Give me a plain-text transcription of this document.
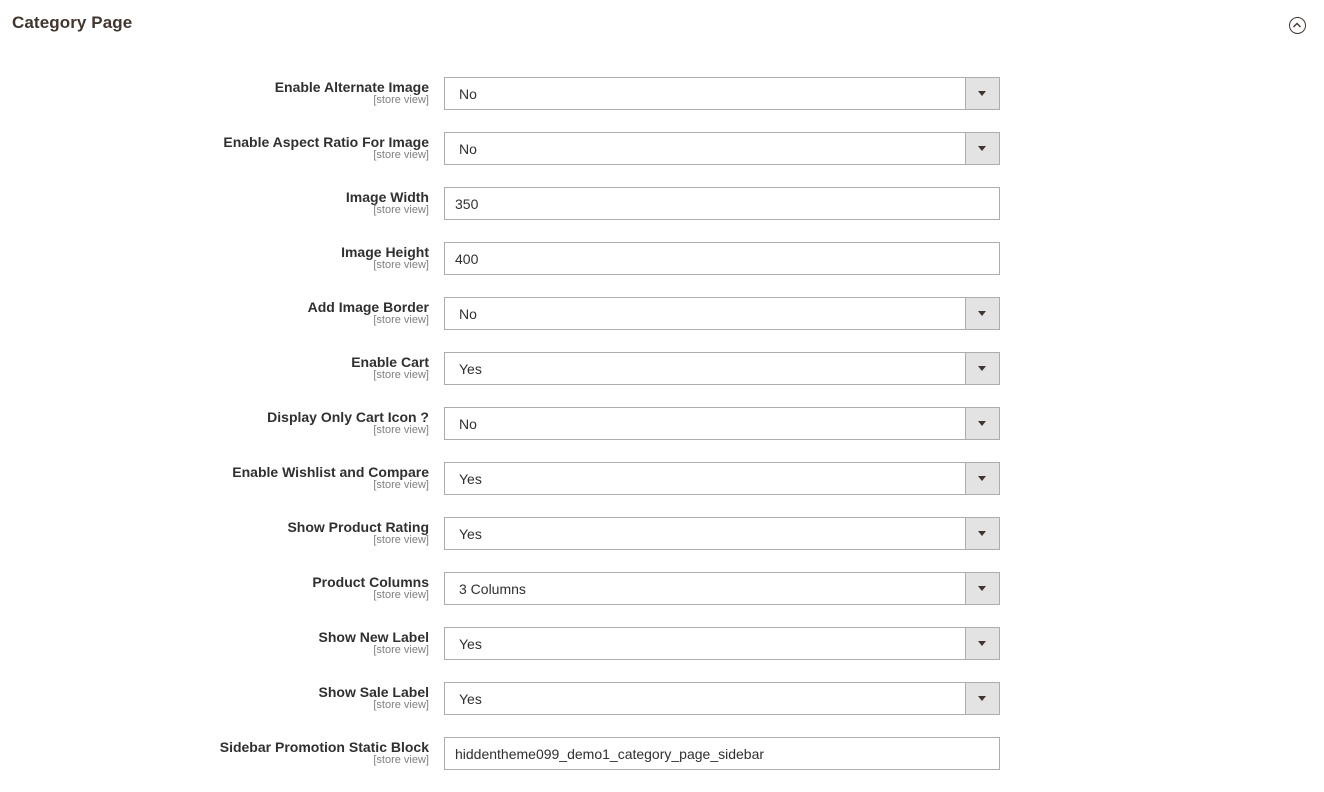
Category Page
Enable Alternate Image
[store view] No
Enable Aspect Ratio For Image
[store view] No
Image Width
[store view] 350
Image Height
[store view] 400
Add Image Border
[store view] No
Enable Cart
[store view] Yes
Display Only Cart Icon ?
[store view] No
Enable Wishlist and Compare
[store view] Yes
Show Product Rating
[store view] Yes
Product Columns
[store view] 3 Columns
Show New Label
[store view] Yes
Show Sale Label
[store view] Yes
Sidebar Promotion Static Block
[store view] hiddentheme099_demo1_category_page_sidebar
